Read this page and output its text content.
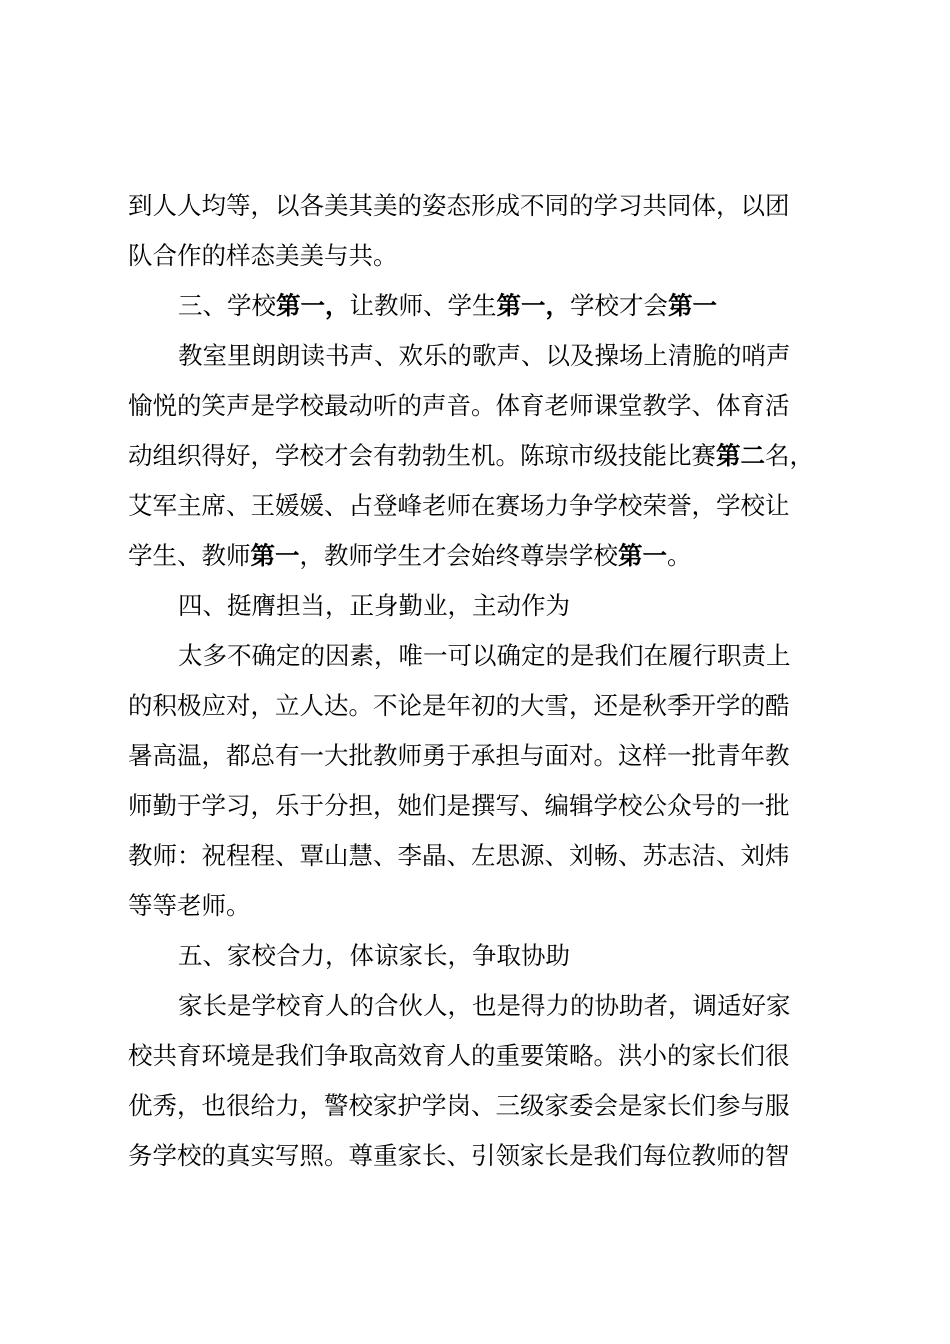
到人人均等，以各美其美的姿态形成不同的学习共同体，以团
队合作的样态美美与共。
三、学校第一，让教师、学生第一，学校才会第一
教室里朗朗读书声、欢乐的歌声、以及操场上清脆的哨声
愉悦的笑声是学校最动听的声音。体育老师课堂教学、体育活
动组织得好，学校才会有勃勃生机。陈琼市级技能比赛第二名，
艾军主席、王媛媛、占登峰老师在赛场力争学校荣誉，学校让
学生、教师第一，教师学生才会始终尊崇学校第一。
四、挺膺担当，正身勤业，主动作为
太多不确定的因素，唯一可以确定的是我们在履行职责上
的积极应对，立人达。不论是年初的大雪，还是秋季开学的酷
暑高温，都总有一大批教师勇于承担与面对。这样一批青年教
师勤于学习，乐于分担，她们是撰写、编辑学校公众号的一批
教师：祝程程、覃山慧、李晶、左思源、刘畅、苏志洁、刘炜
等等老师。
五、家校合力，体谅家长，争取协助
家长是学校育人的合伙人，也是得力的协助者，调适好家
校共育环境是我们争取高效育人的重要策略。洪小的家长们很
优秀，也很给力，警校家护学岗、三级家委会是家长们参与服
务学校的真实写照。尊重家长、引领家长是我们每位教师的智
